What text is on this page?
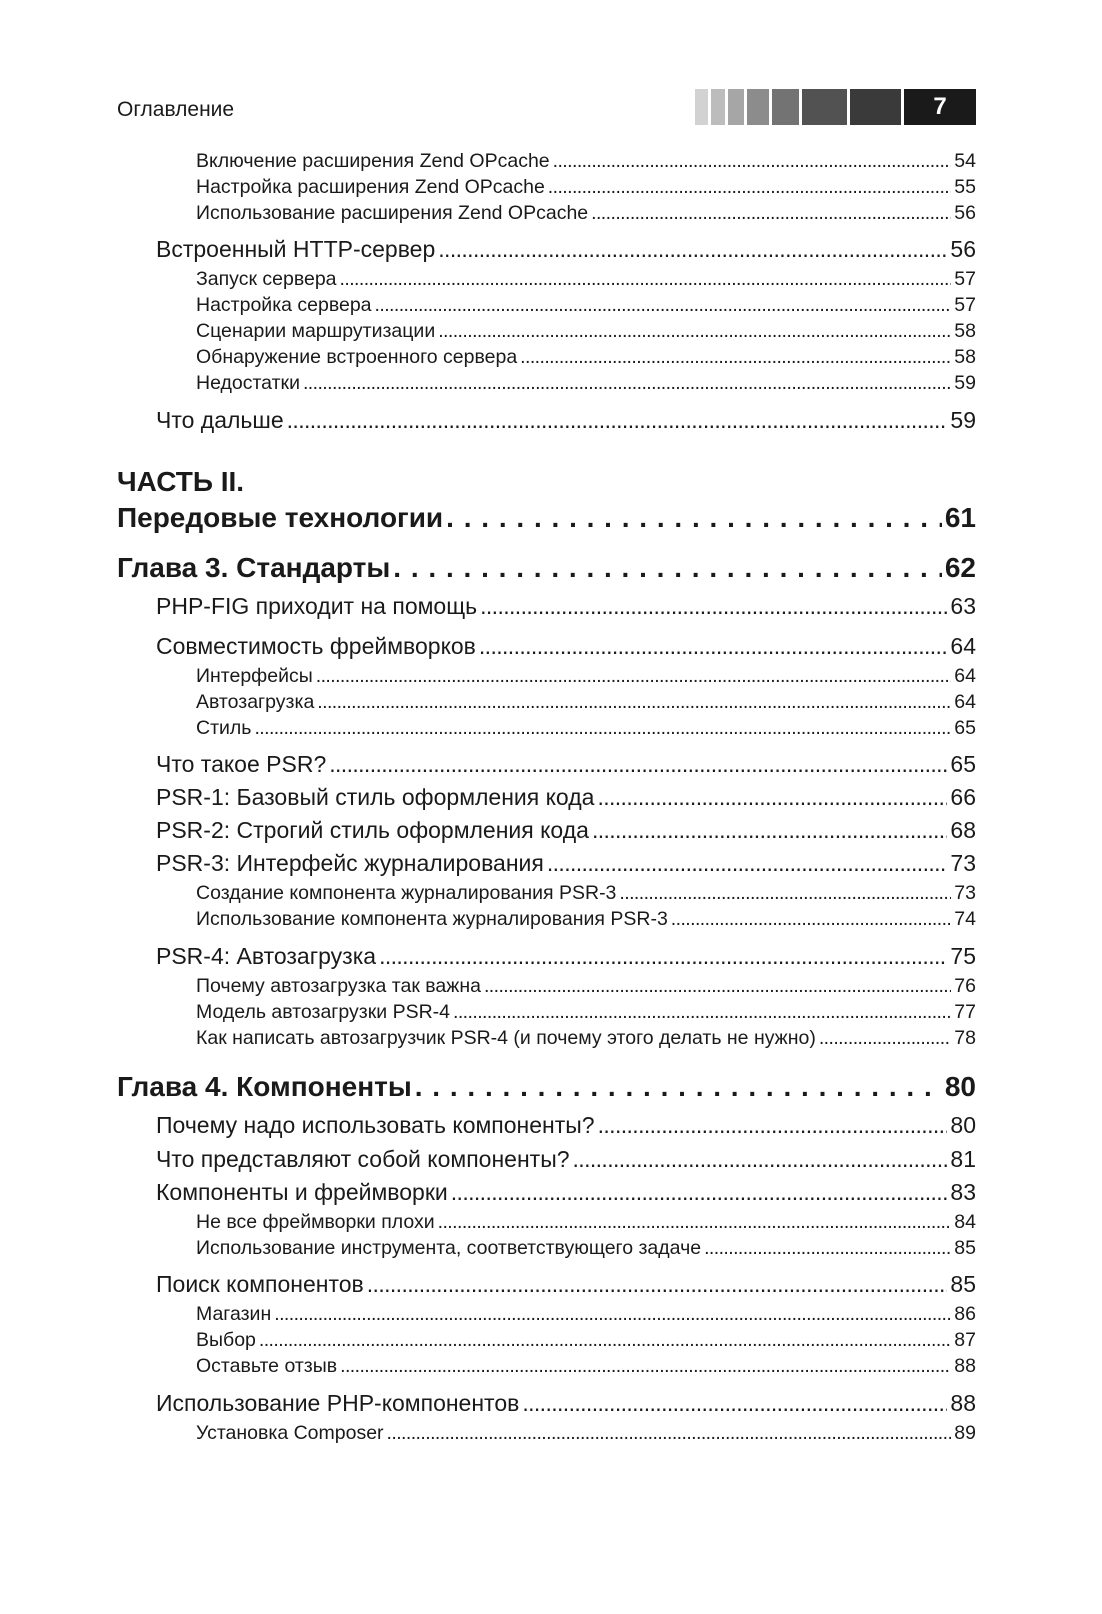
Оглавление	7
Включение расширения Zend OPcache . . .	54
Настройка расширения Zend OPcache . . .	55
Использование расширения Zend OPcache . . .	56
Встроенный HTTP-сервер . . .	56
Запуск сервера . . .	57
Настройка сервера . . .	57
Сценарии маршрутизации . . .	58
Обнаружение встроенного сервера . . .	58
Недостатки . . .	59
Что дальше . . .	59
ЧАСТЬ II.
Передовые технологии . . .	61
Глава 3. Стандарты . . .	62
PHP-FIG приходит на помощь . . .	63
Совместимость фреймворков . . .	64
Интерфейсы . . .	64
Автозагрузка . . .	64
Стиль . . .	65
Что такое PSR? . . .	65
PSR-1: Базовый стиль оформления кода . . .	66
PSR-2: Строгий стиль оформления кода . . .	68
PSR-3: Интерфейс журналирования . . .	73
Создание компонента журналирования PSR-3 . . .	73
Использование компонента журналирования PSR-3 . . .	74
PSR-4: Автозагрузка . . .	75
Почему автозагрузка так важна . . .	76
Модель автозагрузки PSR-4 . . .	77
Как написать автозагрузчик PSR-4 (и почему этого делать не нужно) . . .	78
Глава 4. Компоненты . . .	80
Почему надо использовать компоненты? . . .	80
Что представляют собой компоненты? . . .	81
Компоненты и фреймворки . . .	83
Не все фреймворки плохи . . .	84
Использование инструмента, соответствующего задаче . . .	85
Поиск компонентов . . .	85
Магазин . . .	86
Выбор . . .	87
Оставьте отзыв . . .	88
Использование PHP-компонентов . . .	88
Установка Composer . . .	89
